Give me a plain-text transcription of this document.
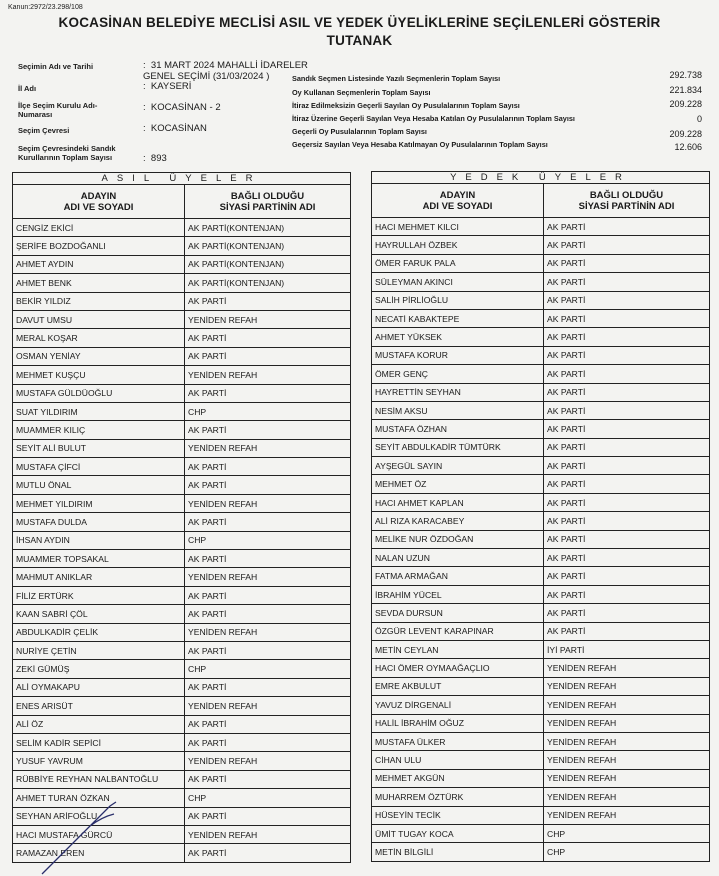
Kanun:2972/23.298/108
KOCASİNAN BELEDİYE MECLİSİ ASIL VE YEDEK ÜYELİKLERİNE SEÇİLENLERİ GÖSTERİR
TUTANAK
Seçimin Adı ve Tarihi	:  31 MART 2024 MAHALLİ İDARELER GENEL SEÇİMİ (31/03/2024 )
İl Adı	:  KAYSERİ
İlçe Seçim Kurulu Adı-Numarası
:  KOCASİNAN - 2
Seçim Çevresi	:  KOCASİNAN
Seçim Çevresindeki Sandık Kurullarının Toplam Sayısı	:  893
Sandık Seçmen Listesinde Yazılı Seçmenlerin Toplam Sayısı	292.738
Oy Kullanan Seçmenlerin Toplam Sayısı	221.834
İtiraz Edilmeksizin Geçerli Sayılan Oy Pusulalarının Toplam Sayısı	209.228
İtiraz Üzerine Geçerli Sayılan Veya Hesaba Katılan Oy Pusulalarının Toplam Sayısı	0
Geçerli Oy Pusulalarının Toplam Sayısı	209.228
Geçersiz Sayılan Veya Hesaba Katılmayan Oy Pusulalarının Toplam Sayısı	12.606
ASIL ÜYELER	
ADAYIN
ADI VE SOYADI	BAĞLI OLDUĞU
SİYASİ PARTİNİN ADI
CENGİZ EKİCİ	AK PARTİ(KONTENJAN)
ŞERİFE BOZDOĞANLI	AK PARTİ(KONTENJAN)
AHMET AYDIN	AK PARTİ(KONTENJAN)
AHMET BENK	AK PARTİ(KONTENJAN)
BEKİR YILDIZ	AK PARTİ
DAVUT UMSU	YENİDEN REFAH
MERAL KOŞAR	AK PARTİ
OSMAN YENİAY	AK PARTİ
MEHMET KUŞÇU	YENİDEN REFAH
MUSTAFA GÜLDÜOĞLU	AK PARTİ
SUAT YILDIRIM	CHP
MUAMMER KILIÇ	AK PARTİ
SEYİT ALİ BULUT	YENİDEN REFAH
MUSTAFA ÇİFCİ	AK PARTİ
MUTLU ÖNAL	AK PARTİ
MEHMET YILDIRIM	YENİDEN REFAH
MUSTAFA DULDA	AK PARTİ
İHSAN AYDIN	CHP
MUAMMER TOPSAKAL	AK PARTİ
MAHMUT ANIKLAR	YENİDEN REFAH
FİLİZ ERTÜRK	AK PARTİ
KAAN SABRİ ÇÖL	AK PARTİ
ABDULKADİR ÇELİK	YENİDEN REFAH
NURİYE ÇETİN	AK PARTİ
ZEKİ GÜMÜŞ	CHP
ALİ OYMAKAPU	AK PARTİ
ENES ARISÜT	YENİDEN REFAH
ALİ ÖZ	AK PARTİ
SELİM KADİR SEPİCİ	AK PARTİ
YUSUF YAVRUM	YENİDEN REFAH
RÜBBİYE REYHAN NALBANTOĞLU	AK PARTİ
AHMET TURAN ÖZKAN	CHP
SEYHAN ARİFOĞLU	AK PARTİ
HACI MUSTAFA GÜRCÜ	YENİDEN REFAH
RAMAZAN EREN	AK PARTİ
YEDEK ÜYELER	
ADAYIN
ADI VE SOYADI	BAĞLI OLDUĞU
SİYASİ PARTİNİN ADI
HACI MEHMET KILCI	AK PARTİ
HAYRULLAH ÖZBEK	AK PARTİ
ÖMER FARUK PALA	AK PARTİ
SÜLEYMAN AKINCI	AK PARTİ
SALİH PİRLİOĞLU	AK PARTİ
NECATİ KABAKTEPE	AK PARTİ
AHMET YÜKSEK	AK PARTİ
MUSTAFA KORUR	AK PARTİ
ÖMER GENÇ	AK PARTİ
HAYRETTİN SEYHAN	AK PARTİ
NESİM AKSU	AK PARTİ
MUSTAFA ÖZHAN	AK PARTİ
SEYİT ABDULKADİR TÜMTÜRK	AK PARTİ
AYŞEGÜL SAYIN	AK PARTİ
MEHMET ÖZ	AK PARTİ
HACI AHMET KAPLAN	AK PARTİ
ALİ RIZA KARACABEY	AK PARTİ
MELİKE NUR ÖZDOĞAN	AK PARTİ
NALAN UZUN	AK PARTİ
FATMA ARMAĞAN	AK PARTİ
İBRAHİM YÜCEL	AK PARTİ
SEVDA DURSUN	AK PARTİ
ÖZGÜR LEVENT KARAPINAR	AK PARTİ
METİN CEYLAN	İYİ PARTİ
HACI ÖMER OYMAAĞAÇLIO	YENİDEN REFAH
EMRE AKBULUT	YENİDEN REFAH
YAVUZ DİRGENALİ	YENİDEN REFAH
HALİL İBRAHİM OĞUZ	YENİDEN REFAH
MUSTAFA ÜLKER	YENİDEN REFAH
CİHAN ULU	YENİDEN REFAH
MEHMET AKGÜN	YENİDEN REFAH
MUHARREM ÖZTÜRK	YENİDEN REFAH
HÜSEYİN TECİK	YENİDEN REFAH
ÜMİT TUGAY KOCA	CHP
METİN BİLGİLİ	CHP
